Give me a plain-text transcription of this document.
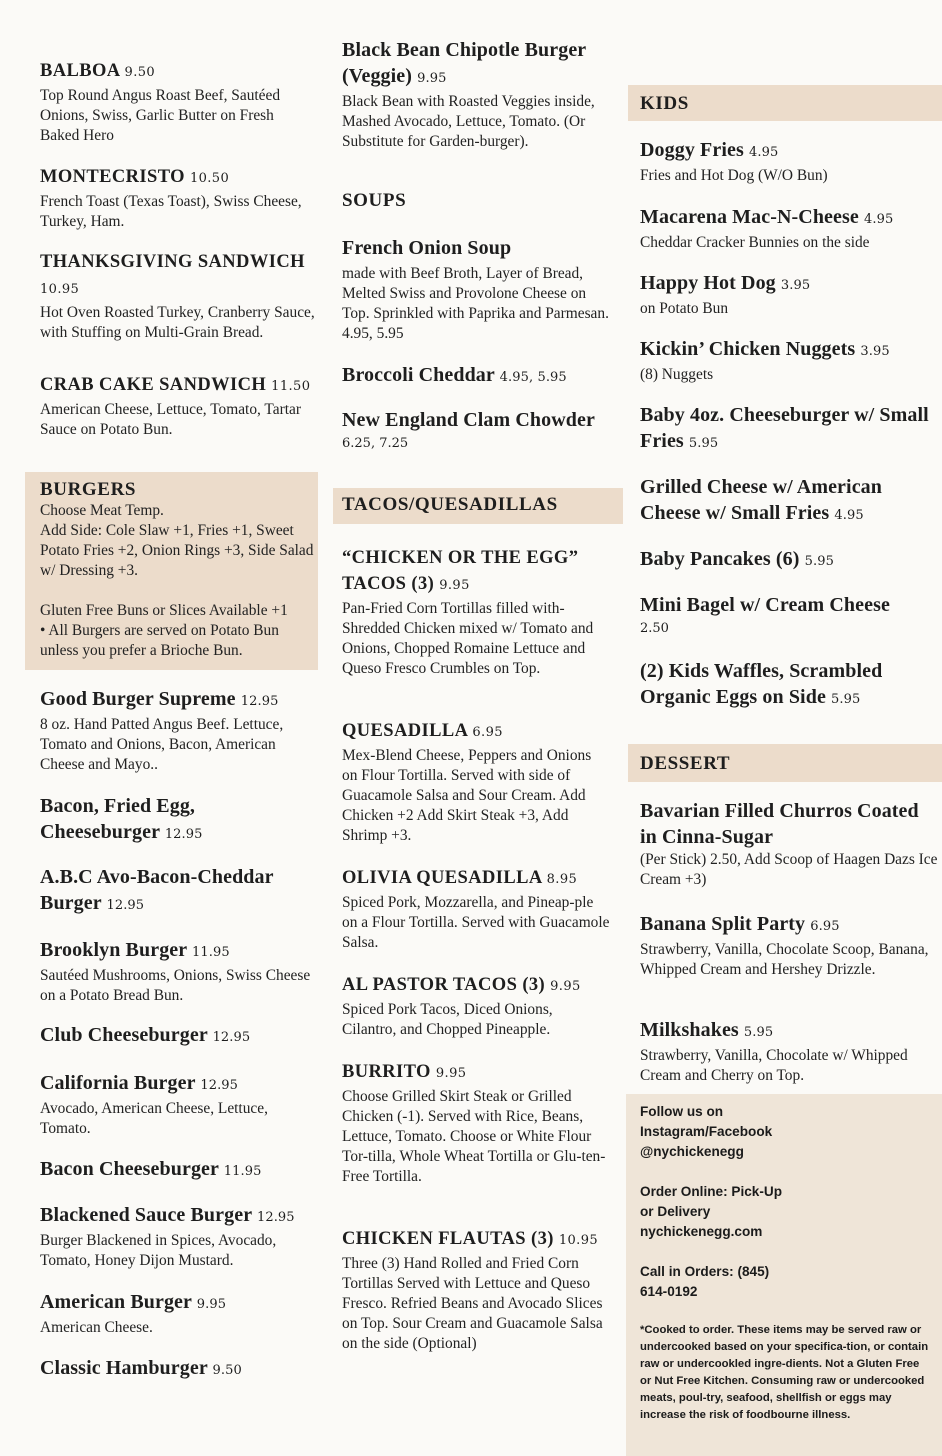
BALBOA 9.50
Top Round Angus Roast Beef, Sautéed Onions, Swiss, Garlic Butter on Fresh Baked Hero
MONTECRISTO 10.50
French Toast (Texas Toast), Swiss Cheese, Turkey, Ham.
THANKSGIVING SANDWICH 10.95
Hot Oven Roasted Turkey, Cranberry Sauce, with Stuffing on Multi-Grain Bread.
CRAB CAKE SANDWICH 11.50
American Cheese, Lettuce, Tomato, Tartar Sauce on Potato Bun.
BURGERS
Choose Meat Temp.
Add Side: Cole Slaw +1, Fries +1, Sweet Potato Fries +2, Onion Rings +3, Side Salad w/ Dressing +3.
Gluten Free Buns or Slices Available +1
• All Burgers are served on Potato Bun unless you prefer a Brioche Bun.
Good Burger Supreme 12.95
8 oz. Hand Patted Angus Beef. Lettuce, Tomato and Onions, Bacon, American Cheese and Mayo..
Bacon, Fried Egg, Cheeseburger 12.95
A.B.C Avo-Bacon-Cheddar Burger 12.95
Brooklyn Burger 11.95
Sautéed Mushrooms, Onions, Swiss Cheese on a Potato Bread Bun.
Club Cheeseburger 12.95
California Burger 12.95
Avocado, American Cheese, Lettuce, Tomato.
Bacon Cheeseburger 11.95
Blackened Sauce Burger 12.95
Burger Blackened in Spices, Avocado, Tomato, Honey Dijon Mustard.
American Burger 9.95
American Cheese.
Classic Hamburger 9.50
Black Bean Chipotle Burger (Veggie) 9.95
Black Bean with Roasted Veggies inside, Mashed Avocado, Lettuce, Tomato. (Or Substitute for Garden-burger).
SOUPS
French Onion Soup
made with Beef Broth, Layer of Bread, Melted Swiss and Provolone Cheese on Top. Sprinkled with Paprika and Parmesan. 4.95, 5.95
Broccoli Cheddar 4.95, 5.95
New England Clam Chowder
6.25, 7.25
TACOS/QUESADILLAS
“CHICKEN OR THE EGG” TACOS (3) 9.95
Pan-Fried Corn Tortillas filled with- Shredded Chicken mixed w/ Tomato and Onions, Chopped Romaine Lettuce and Queso Fresco Crumbles on Top.
QUESADILLA 6.95
Mex-Blend Cheese, Peppers and Onions on Flour Tortilla. Served with side of Guacamole Salsa and Sour Cream. Add Chicken +2 Add Skirt Steak +3, Add Shrimp +3.
OLIVIA QUESADILLA 8.95
Spiced Pork, Mozzarella, and Pineap-ple on a Flour Tortilla. Served with Guacamole Salsa.
AL PASTOR TACOS (3) 9.95
Spiced Pork Tacos, Diced Onions, Cilantro, and Chopped Pineapple.
BURRITO 9.95
Choose Grilled Skirt Steak or Grilled Chicken (-1). Served with Rice, Beans, Lettuce, Tomato. Choose or White Flour Tor-tilla, Whole Wheat Tortilla or Glu-ten-Free Tortilla.
CHICKEN FLAUTAS (3) 10.95
Three (3) Hand Rolled and Fried Corn Tortillas Served with Lettuce and Queso Fresco. Refried Beans and Avocado Slices on Top. Sour Cream and Guacamole Salsa on the side (Optional)
KIDS
Doggy Fries 4.95
Fries and Hot Dog (W/O Bun)
Macarena Mac-N-Cheese 4.95
Cheddar Cracker Bunnies on the side
Happy Hot Dog 3.95
on Potato Bun
Kickin’ Chicken Nuggets 3.95
(8) Nuggets
Baby 4oz. Cheeseburger w/ Small Fries 5.95
Grilled Cheese w/ American Cheese w/ Small Fries 4.95
Baby Pancakes (6) 5.95
Mini Bagel w/ Cream Cheese
2.50
(2) Kids Waffles, Scrambled Organic Eggs on Side 5.95
DESSERT
Bavarian Filled Churros Coated in Cinna-Sugar
(Per Stick) 2.50, Add Scoop of Haagen Dazs Ice Cream +3)
Banana Split Party 6.95
Strawberry, Vanilla, Chocolate Scoop, Banana, Whipped Cream and Hershey Drizzle.
Milkshakes 5.95
Strawberry, Vanilla, Chocolate w/ Whipped Cream and Cherry on Top.

Follow us on Instagram/Facebook @nychickenegg

Order Online: Pick-Up or Delivery nychickenegg.com

Call in Orders: (845) 614-0192

*Cooked to order. These items may be served raw or undercooked based on your specifica-tion, or contain raw or undercookled ingre-dients. Not a Gluten Free or Nut Free Kitchen. Consuming raw or undercooked meats, poul-try, seafood, shellfish or eggs may increase the risk of foodbourne illness.
